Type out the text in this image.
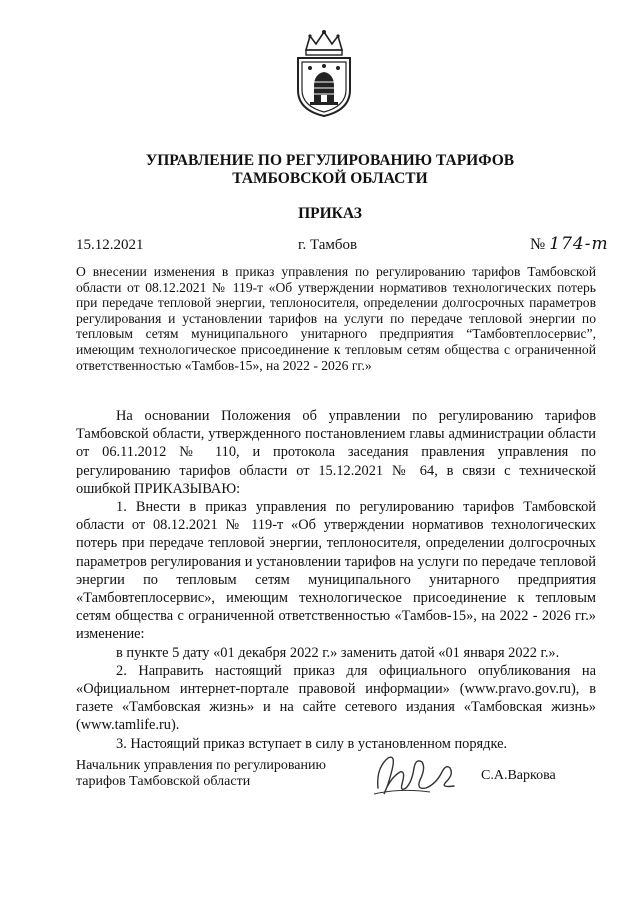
УПРАВЛЕНИЕ ПО РЕГУЛИРОВАНИЮ ТАРИФОВ
ТАМБОВСКОЙ ОБЛАСТИ
ПРИКАЗ
15.12.2021	г. Тамбов	№ 174-т
О внесении изменения в приказ управления по регулированию тарифов Тамбовской области от 08.12.2021 № 119-т «Об утверждении нормативов технологических потерь при передаче тепловой энергии, теплоносителя, определении долгосрочных параметров регулирования и установлении тарифов на услуги по передаче тепловой энергии по тепловым сетям муниципального унитарного предприятия “Тамбовтеплосервис”, имеющим технологическое присоединение к тепловым сетям общества с ограниченной ответственностью «Тамбов-15», на 2022 - 2026 гг.»

На основании Положения об управлении по регулированию тарифов Тамбовской области, утвержденного постановлением главы администрации области от 06.11.2012 № 110, и протокола заседания правления управления по регулированию тарифов области от 15.12.2021 № 64, в связи с технической ошибкой ПРИКАЗЫВАЮ:

1. Внести в приказ управления по регулированию тарифов Тамбовской области от 08.12.2021 № 119-т «Об утверждении нормативов технологических потерь при передаче тепловой энергии, теплоносителя, определении долгосрочных параметров регулирования и установлении тарифов на услуги по передаче тепловой энергии по тепловым сетям муниципального унитарного предприятия «Тамбовтеплосервис», имеющим технологическое присоединение к тепловым сетям общества с ограниченной ответственностью «Тамбов-15», на 2022 - 2026 гг.» изменение:

в пункте 5 дату «01 декабря 2022 г.» заменить датой «01 января 2022 г.».

2. Направить настоящий приказ для официального опубликования на «Официальном интернет-портале правовой информации» (www.pravo.gov.ru), в газете «Тамбовская жизнь» и на сайте сетевого издания «Тамбовская жизнь» (www.tamlife.ru).

3. Настоящий приказ вступает в силу в установленном порядке.

Начальник управления по регулированию
тарифов Тамбовской области	С.А.Варкова
